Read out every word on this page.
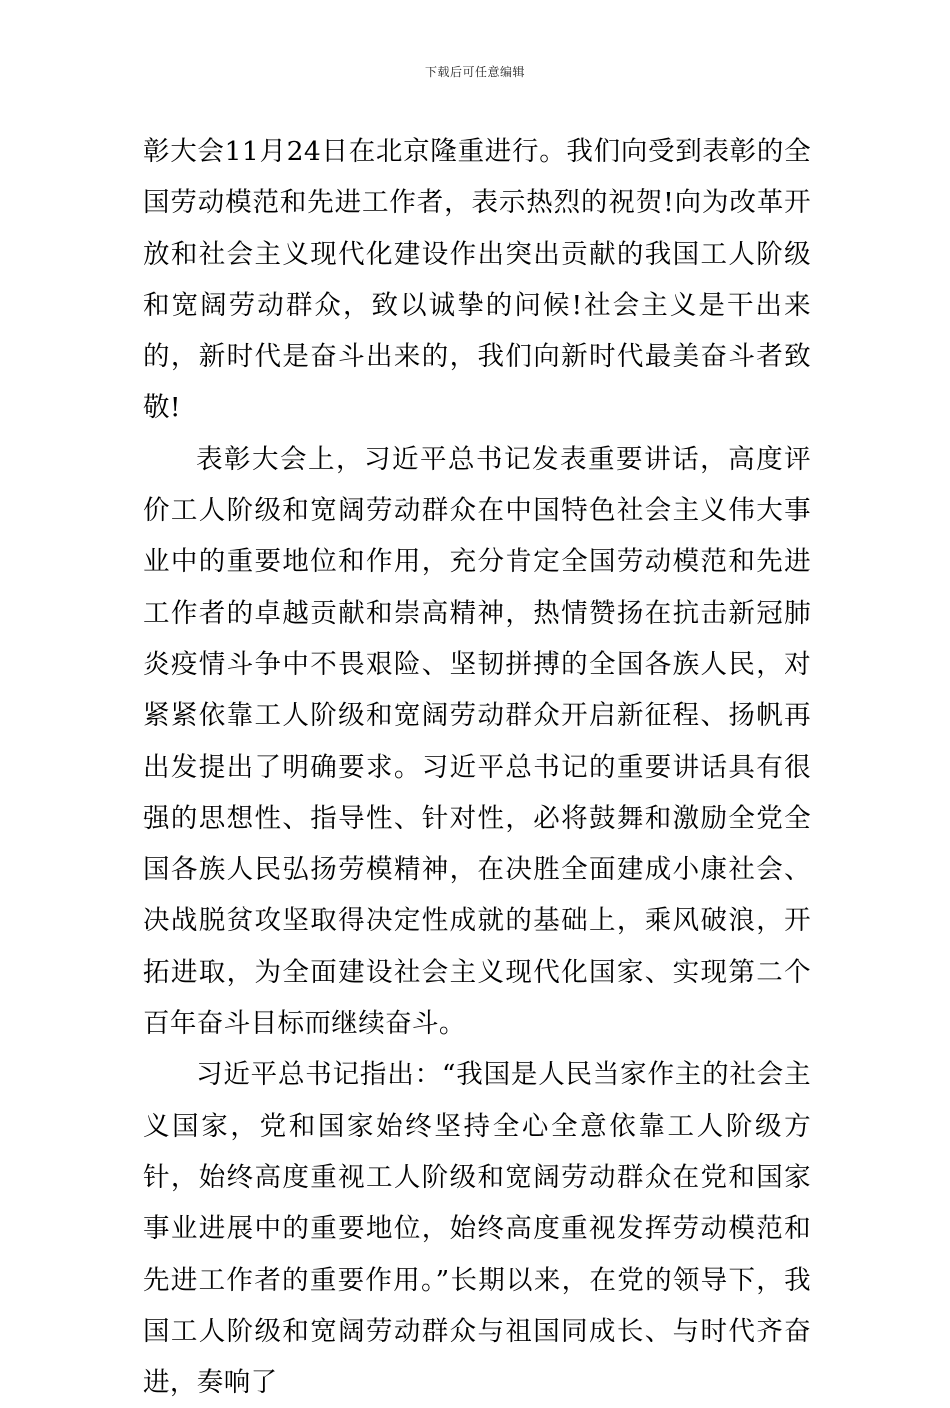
下载后可任意编辑

彰大会11月24日在北京隆重进行。我们向受到表彰的全国劳动模范和先进工作者，表示热烈的祝贺!向为改革开放和社会主义现代化建设作出突出贡献的我国工人阶级和宽阔劳动群众，致以诚挚的问候!社会主义是干出来的，新时代是奋斗出来的，我们向新时代最美奋斗者致敬!

表彰大会上，习近平总书记发表重要讲话，高度评价工人阶级和宽阔劳动群众在中国特色社会主义伟大事业中的重要地位和作用，充分肯定全国劳动模范和先进工作者的卓越贡献和崇高精神，热情赞扬在抗击新冠肺炎疫情斗争中不畏艰险、坚韧拼搏的全国各族人民，对紧紧依靠工人阶级和宽阔劳动群众开启新征程、扬帆再出发提出了明确要求。习近平总书记的重要讲话具有很强的思想性、指导性、针对性，必将鼓舞和激励全党全国各族人民弘扬劳模精神，在决胜全面建成小康社会、决战脱贫攻坚取得决定性成就的基础上，乘风破浪，开拓进取，为全面建设社会主义现代化国家、实现第二个百年奋斗目标而继续奋斗。

习近平总书记指出：“我国是人民当家作主的社会主义国家，党和国家始终坚持全心全意依靠工人阶级方针，始终高度重视工人阶级和宽阔劳动群众在党和国家事业进展中的重要地位，始终高度重视发挥劳动模范和先进工作者的重要作用。”长期以来，在党的领导下，我国工人阶级和宽阔劳动群众与祖国同成长、与时代齐奋进，奏响了
